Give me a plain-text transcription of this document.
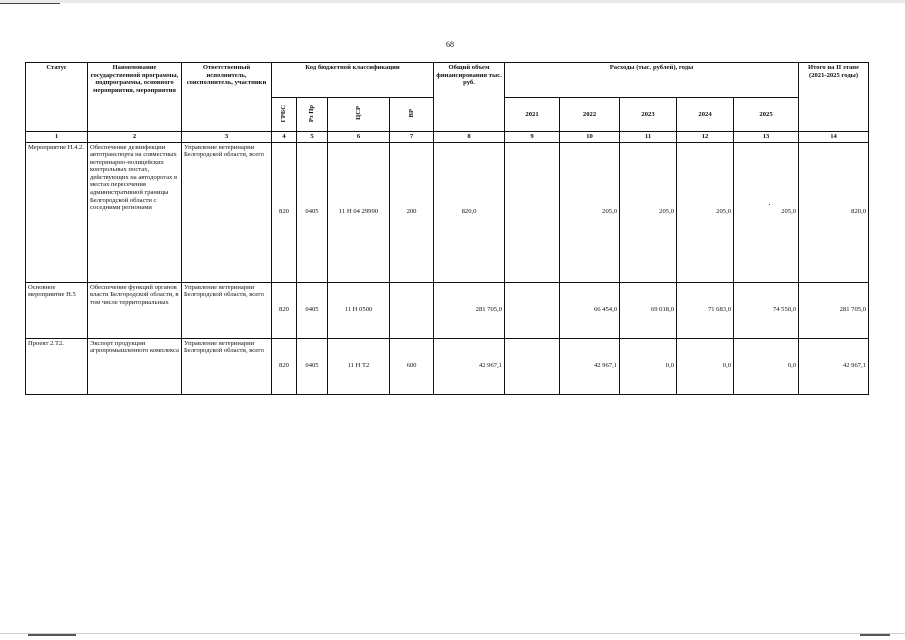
68
Статус	Наименование государственной программы, подпрограммы, основного мероприятия, мероприятия	Ответственный исполнитель, соисполнитель, участники	Код бюджетной классификации				Общий объем финансирования тыс. руб.	Расходы (тыс. рублей), годы					Итого на II этапе (2021-2025 годы)
			ГРБС	Рз Пр	ЦСР	ВР		2021	2022	2023	2024	2025	
1	2	3	4	5	6	7	8	9	10	11	12	13	14
Мероприятие Н.4.2.	Обеспечение дезинфекции автотранспорта на совместных ветеринарно-полицейских контрольных постах, действующих на автодорогах в местах пересечения административной границы Белгородской области с соседними регионами	Управление ветеринарии Белгородской области, всего	820	0405	11 Н 04 29990	200	820,0		205,0	205,0	205,0	205,0	820,0
Основное мероприятие Н.5	Обеспечение функций органов власти Белгородской области, в том числе территориальных	Управление ветеринарии Белгородской области, всего	820	0405	11 Н 0500		281 705,0		66 454,0	69 018,0	71 683,0	74 550,0	281 705,0
Проект 2.Т2.	Экспорт продукции агропромышленного комплекса	Управление ветеринарии Белгородской области, всего	820	0405	11 Н Т2	600	42 967,1		42 967,1	0,0	0,0	0,0	42 967,1
